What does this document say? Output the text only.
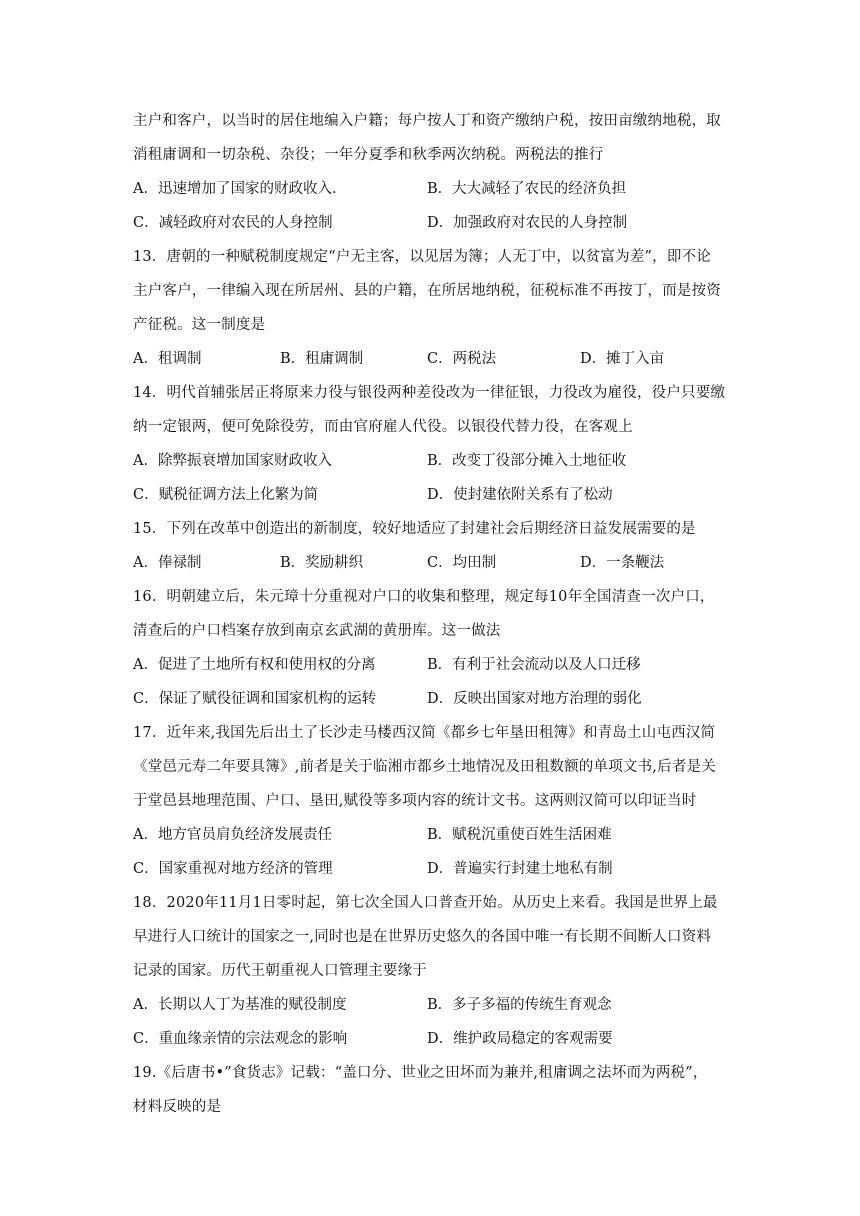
主户和客户，以当时的居住地编入户籍；每户按人丁和资产缴纳户税，按田亩缴纳地税，取
消租庸调和一切杂税、杂役；一年分夏季和秋季两次纳税。两税法的推行
A．迅速增加了国家的财政收入.	B．大大减轻了农民的经济负担
C．减轻政府对农民的人身控制	D．加强政府对农民的人身控制
13．唐朝的一种赋税制度规定“户无主客，以见居为簿；人无丁中，以贫富为差”，即不论
主户客户，一律编入现在所居州、县的户籍，在所居地纳税，征税标准不再按丁，而是按资
产征税。这一制度是
A．租调制	B．租庸调制	C．两税法	D．摊丁入亩
14．明代首辅张居正将原来力役与银役两种差役改为一律征银，力役改为雇役，役户只要缴
纳一定银两，便可免除役劳，而由官府雇人代役。以银役代替力役，在客观上
A．除弊振衰增加国家财政收入	B．改变丁役部分摊入土地征收
C．赋税征调方法上化繁为简	D．使封建依附关系有了松动
15．下列在改革中创造出的新制度，较好地适应了封建社会后期经济日益发展需要的是
A．俸禄制	B．奖励耕织	C．均田制	D．一条鞭法
16．明朝建立后，朱元璋十分重视对户口的收集和整理，规定每10年全国清查一次户口，
清查后的户口档案存放到南京玄武湖的黄册库。这一做法
A．促进了土地所有权和使用权的分离	B．有利于社会流动以及人口迁移
C．保证了赋役征调和国家机构的运转	D．反映出国家对地方治理的弱化
17．近年来,我国先后出土了长沙走马楼西汉简《都乡七年垦田租簿》和青岛土山屯西汉简
《堂邑元寿二年要具簿》,前者是关于临湘市都乡土地情况及田租数额的单项文书,后者是关
于堂邑县地理范围、户口、垦田,赋役等多项内容的统计文书。这两则汉简可以印证当时
A．地方官员肩负经济发展责任	B．赋税沉重使百姓生活困难
C．国家重视对地方经济的管理	D．普遍实行封建土地私有制
18．2020年11月1日零时起，第七次全国人口普查开始。从历史上来看。我国是世界上最
早进行人口统计的国家之一,同时也是在世界历史悠久的各国中唯一有长期不间断人口资料
记录的国家。历代王朝重视人口管理主要缘于
A．长期以人丁为基准的赋役制度	B．多子多福的传统生育观念
C．重血缘亲情的宗法观念的影响	D．维护政局稳定的客观需要
19.《后唐书•”食货志》记载：“盖口分、世业之田坏而为兼并,租庸调之法坏而为两税”，
材料反映的是
